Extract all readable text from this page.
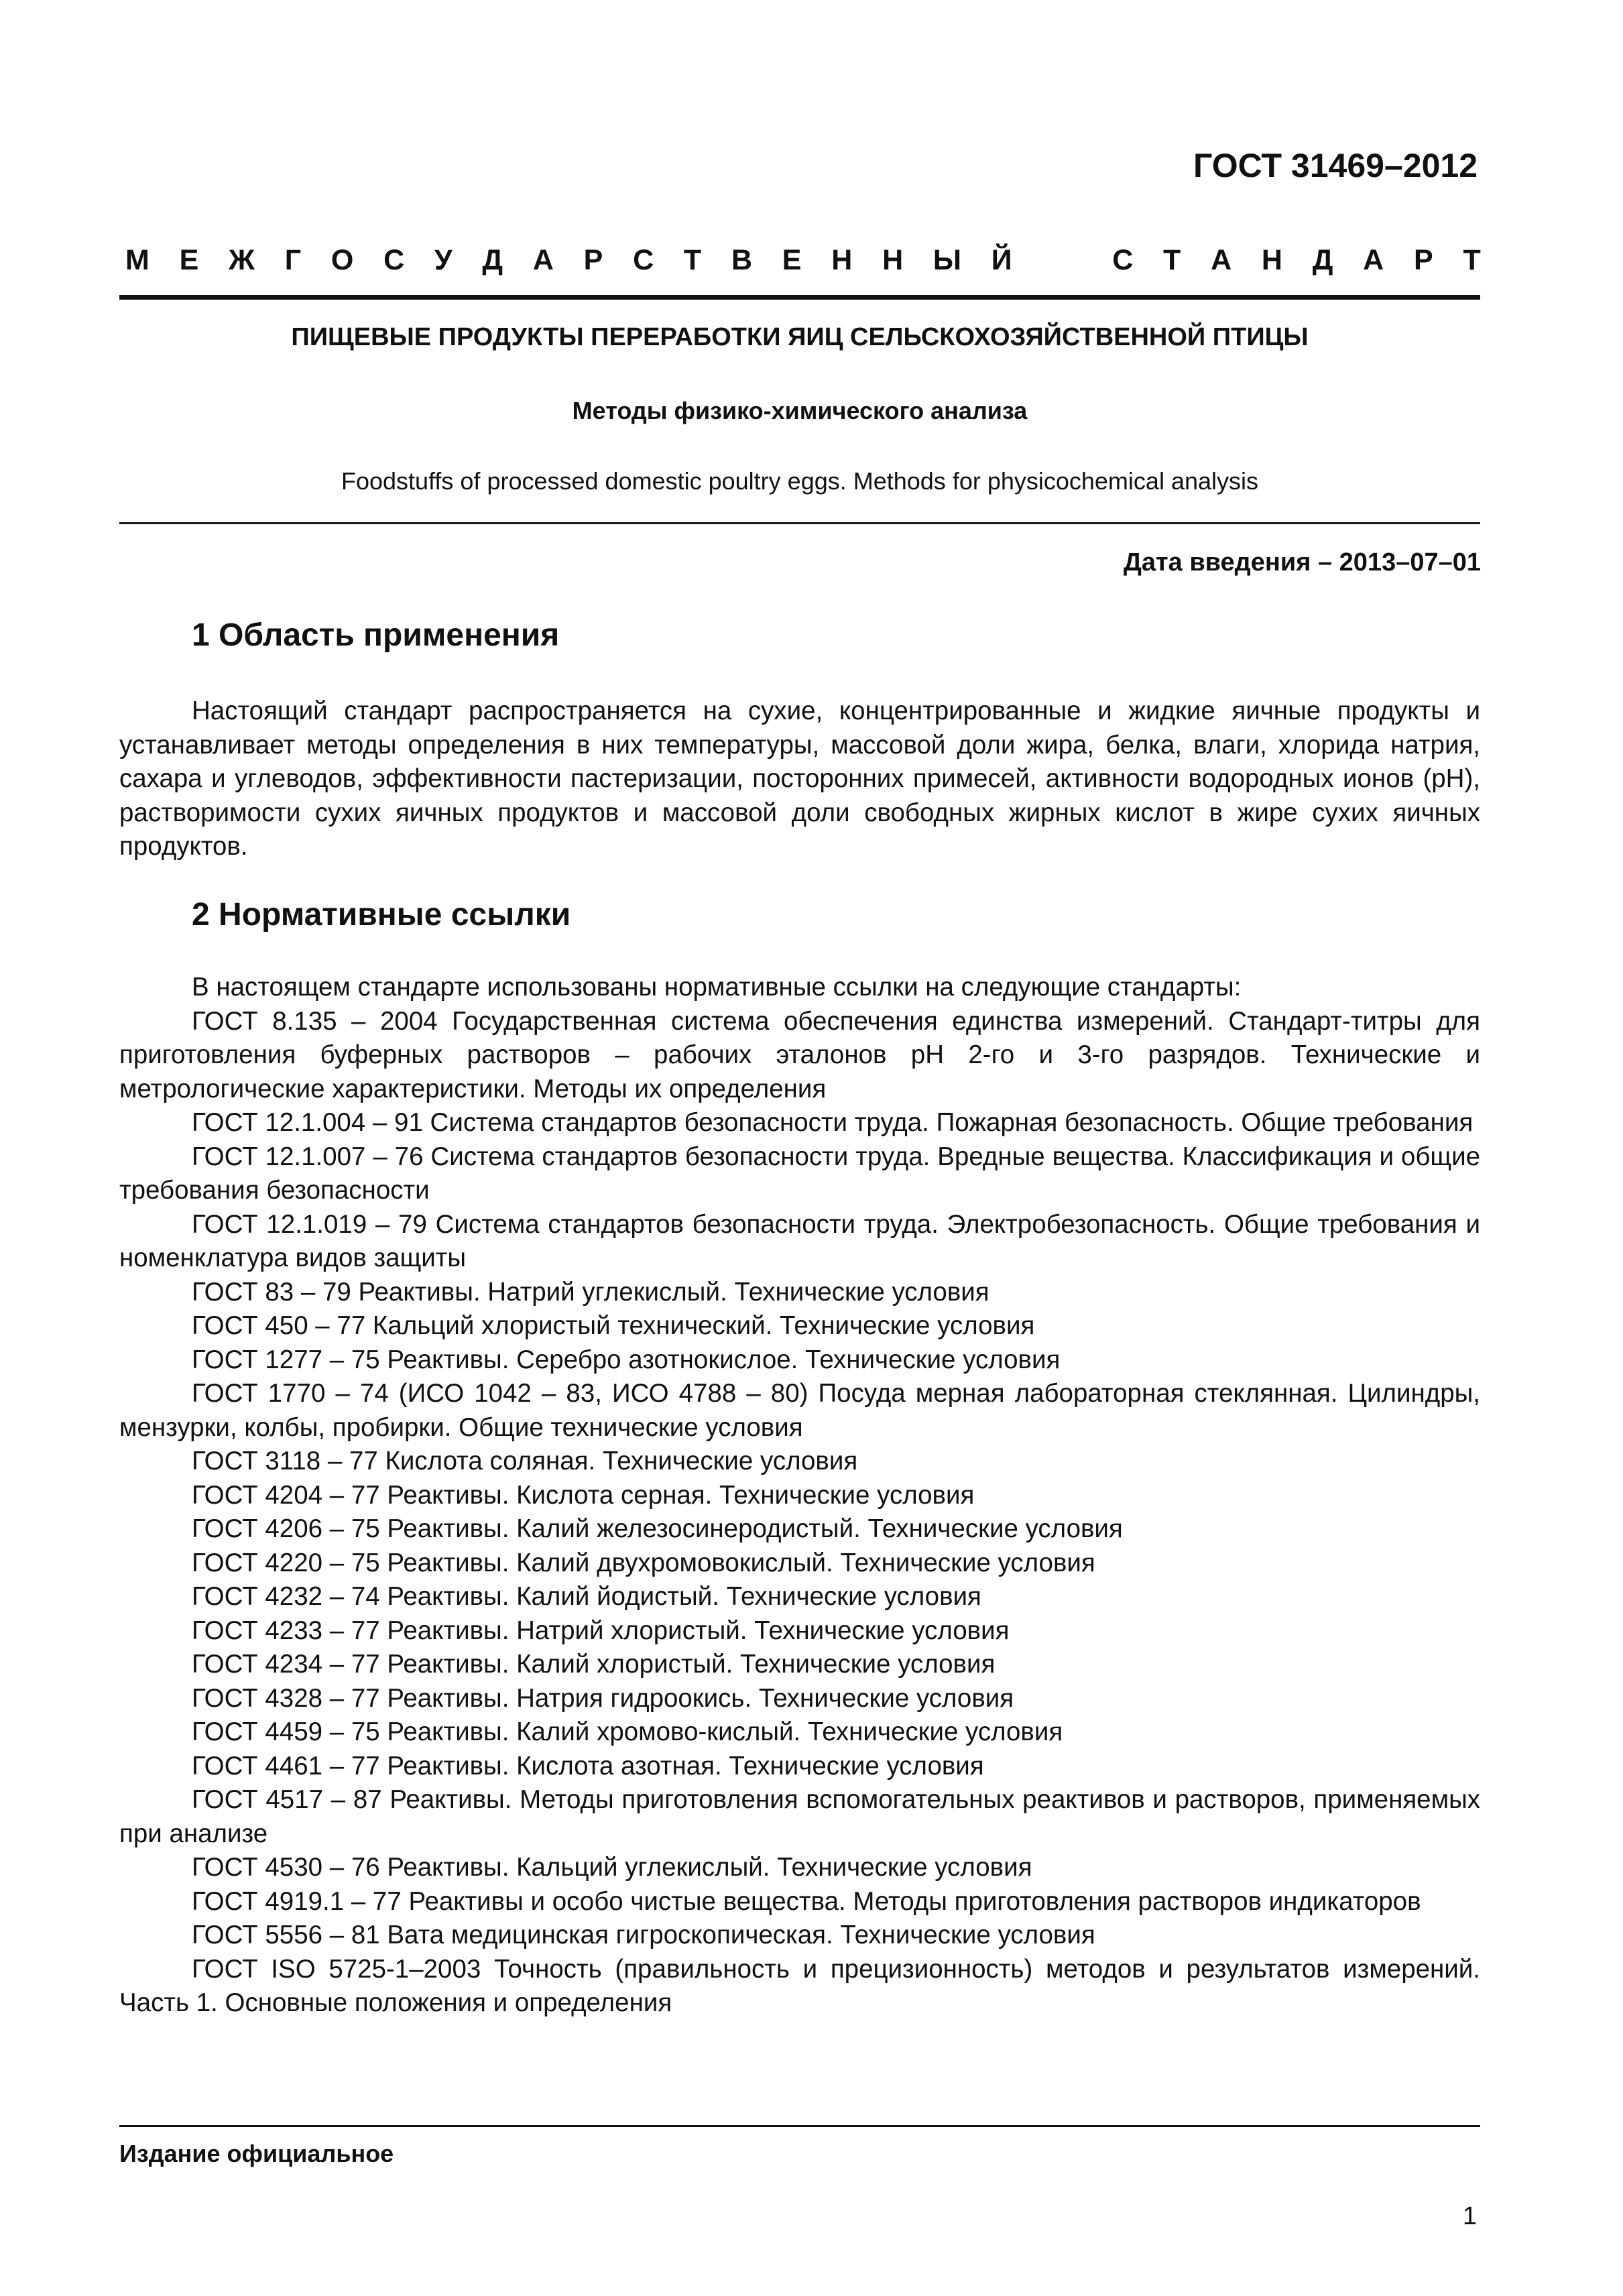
ГОСТ 31469–2012
М Е Ж Г О С У Д А Р С Т В Е Н Н Ы Й	С Т А Н Д А Р Т
ПИЩЕВЫЕ ПРОДУКТЫ ПЕРЕРАБОТКИ ЯИЦ СЕЛЬСКОХОЗЯЙСТВЕННОЙ ПТИЦЫ
Методы физико-химического анализа
Foodstuffs of processed domestic poultry eggs. Methods for physicochemical analysis
Дата введения – 2013–07–01
1 Область применения

Настоящий стандарт распространяется на сухие, концентрированные и жидкие яичные продукты и устанавливает методы определения в них температуры, массовой доли жира, белка, влаги, хлорида натрия, сахара и углеводов, эффективности пастеризации, посторонних примесей, активности водородных ионов (рН), растворимости сухих яичных продуктов и массовой доли свободных жирных кислот в жире сухих яичных продуктов.

2 Нормативные ссылки

В настоящем стандарте использованы нормативные ссылки на следующие стандарты:

ГОСТ 8.135 – 2004 Государственная система обеспечения единства измерений. Стандарт-титры для приготовления буферных растворов – рабочих эталонов рН 2-го и 3-го разрядов. Технические и метрологические характеристики. Методы их определения

ГОСТ 12.1.004 – 91 Система стандартов безопасности труда. Пожарная безопасность. Общие требования

ГОСТ 12.1.007 – 76 Система стандартов безопасности труда. Вредные вещества. Классификация и общие требования безопасности

ГОСТ 12.1.019 – 79 Система стандартов безопасности труда. Электробезопасность. Общие требования и номенклатура видов защиты

ГОСТ 83 – 79 Реактивы. Натрий углекислый. Технические условия

ГОСТ 450 – 77 Кальций хлористый технический. Технические условия

ГОСТ 1277 – 75 Реактивы. Серебро азотнокислое. Технические условия

ГОСТ 1770 – 74 (ИСО 1042 – 83, ИСО 4788 – 80) Посуда мерная лабораторная стеклянная. Цилиндры, мензурки, колбы, пробирки. Общие технические условия

ГОСТ 3118 – 77 Кислота соляная. Технические условия

ГОСТ 4204 – 77 Реактивы. Кислота серная. Технические условия

ГОСТ 4206 – 75 Реактивы. Калий железосинеродистый. Технические условия

ГОСТ 4220 – 75 Реактивы. Калий двухромовокислый. Технические условия

ГОСТ 4232 – 74 Реактивы. Калий йодистый. Технические условия

ГОСТ 4233 – 77 Реактивы. Натрий хлористый. Технические условия

ГОСТ 4234 – 77 Реактивы. Калий хлористый. Технические условия

ГОСТ 4328 – 77 Реактивы. Натрия гидроокись. Технические условия

ГОСТ 4459 – 75 Реактивы. Калий хромово-кислый. Технические условия

ГОСТ 4461 – 77 Реактивы. Кислота азотная. Технические условия

ГОСТ 4517 – 87 Реактивы. Методы приготовления вспомогательных реактивов и растворов, применяемых при анализе

ГОСТ 4530 – 76 Реактивы. Кальций углекислый. Технические условия

ГОСТ 4919.1 – 77 Реактивы и особо чистые вещества. Методы приготовления растворов индикаторов

ГОСТ 5556 – 81 Вата медицинская гигроскопическая. Технические условия

ГОСТ ISO 5725-1–2003 Точность (правильность и прецизионность) методов и результатов измерений. Часть 1. Основные положения и определения

Издание официальное
1
